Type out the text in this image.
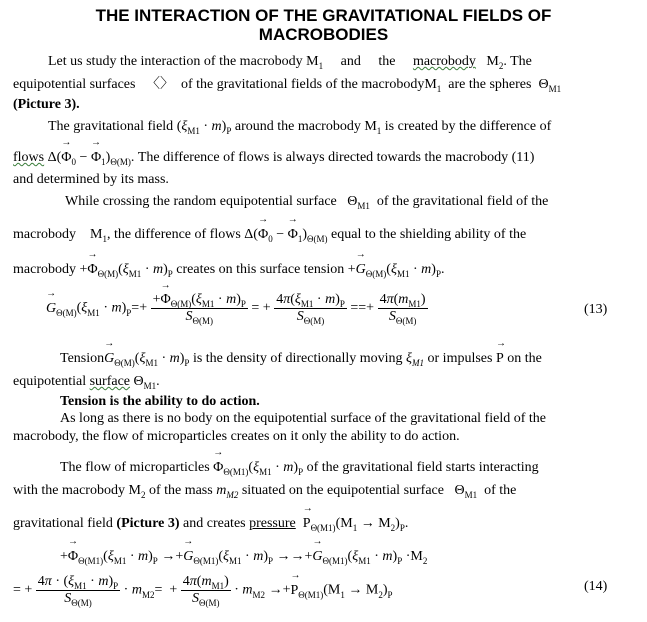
THE INTERACTION OF THE GRAVITATIONAL FIELDS OF
MACROBODIES
Let us study the interaction of the macrobody $M_1$ and the macrobody $M_2$. The
equipotential surfaces 〈〉 of the gravitational fields of the macrobodyM$_1$ are the spheres $\Theta_{M1}$
(Picture 3).
The gravitational field $(\xi_{M1} \cdot m)_P$ around the macrobody $M_1$ is created by the difference of
flows $\Delta(\to \Phi_0$ − → $\Phi_1)_{\Theta(M)}$. The difference of flows is always directed towards the macrobody (11)
and determined by its mass.
While crossing the random equipotential surface $\Theta_{M1}$ of the gravitational field of the
macrobody $M_1$, the difference of flows $\Delta(\to \Phi_0$ − → $\Phi_1)_{\Theta(M)}$ equal to the shielding ability of the
macrobody +→ $\Phi_{\Theta(M)}(\xi_{M1} \cdot m)_P$ creates on this surface tension +→ $G_{\Theta(M)}(\xi_{M1} \cdot m)_P$.
→ $G_{\Theta(M)}(\xi_{M1} \cdot m)_P=+ \frac{+\to \Phi_{\Theta(M)}(\xi_{M1} \cdot m)_P}{S_{\Theta(M)}}$ = + $\frac{4\pi(\xi_{M1} \cdot m)_P}{S_{\Theta(M)}}$ ==+ $\frac{4\pi(m_{M1})}{S_{\Theta(M)}}$	(13)
Tension→ $G_{\Theta(M)}(\xi_{M1} \cdot m)_P$ is the density of directionally moving $\xi_{M1}$ or impulses → P on the
equipotential surface $\Theta_{M1}$.
Tension is the ability to do action.
As long as there is no body on the equipotential surface of the gravitational field of the
macrobody, the flow of microparticles creates on it only the ability to do action.
The flow of microparticles → $\Phi_{\Theta(M1)}(\xi_{M1} \cdot m)_P$ of the gravitational field starts interacting
with the macrobody $M_2$ of the mass $m_{M2}$ situated on the equipotential surface $\Theta_{M1}$ of the
gravitational field (Picture 3) and creates pressure → $P_{\Theta(M1)}(M_1 \to M_2)_P$.
+→ $\Phi_{\Theta(M1)}(\xi_{M1} \cdot m)_P$ →+→ $G_{\Theta(M1)}(\xi_{M1} \cdot m)_P$ →→+→ $G_{\Theta(M1)}(\xi_{M1} \cdot m)_P \cdot M_2$
= + $\frac{4\pi \cdot (\xi_{M1} \cdot m)_P}{S_{\Theta(M)}} \cdot m_{M2}= + \frac{4\pi(m_{M1})}{S_{\Theta(M)}} \cdot m_{M2}$ →+→ $P_{\Theta(M1)}(M_1 \to M_2)_P$
(14)
